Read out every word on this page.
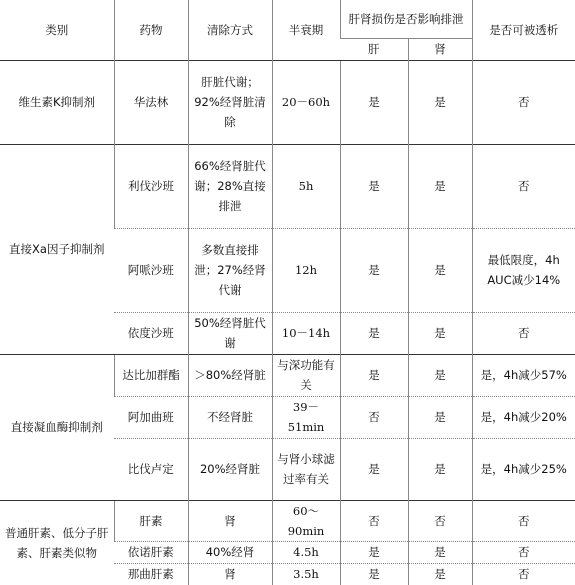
类别	药物	清除方式	半衰期	肝肾损伤是否影响排泄		是否可被透析
				肝	肾	
维生素K抑制剂	华法林	肝脏代谢；92%经肾脏清除	20－60h	是	是	否
直接Xa因子抑制剂	利伐沙班	66%经肾脏代谢；28%直接排泄	5h	是	是	否
	阿哌沙班	多数直接排泄；27%经肾代谢	12h	是	是	最低限度，4h AUC减少14%
	依度沙班	50%经肾脏代谢	10－14h	是	是	否
直接凝血酶抑制剂	达比加群酯	＞80%经肾脏	与深功能有关	是	是	是，4h减少57%
	阿加曲班	不经肾脏	39－51min	否	是	是，4h减少20%
	比伐卢定	20%经肾脏	与肾小球滤过率有关	是	是	是，4h减少25%
普通肝素、低分子肝素、肝素类似物	肝素	肾	60～90min	否	否	否
	依诺肝素	40%经肾	4.5h	是	是	否
	那曲肝素	肾	3.5h	是	是	否
